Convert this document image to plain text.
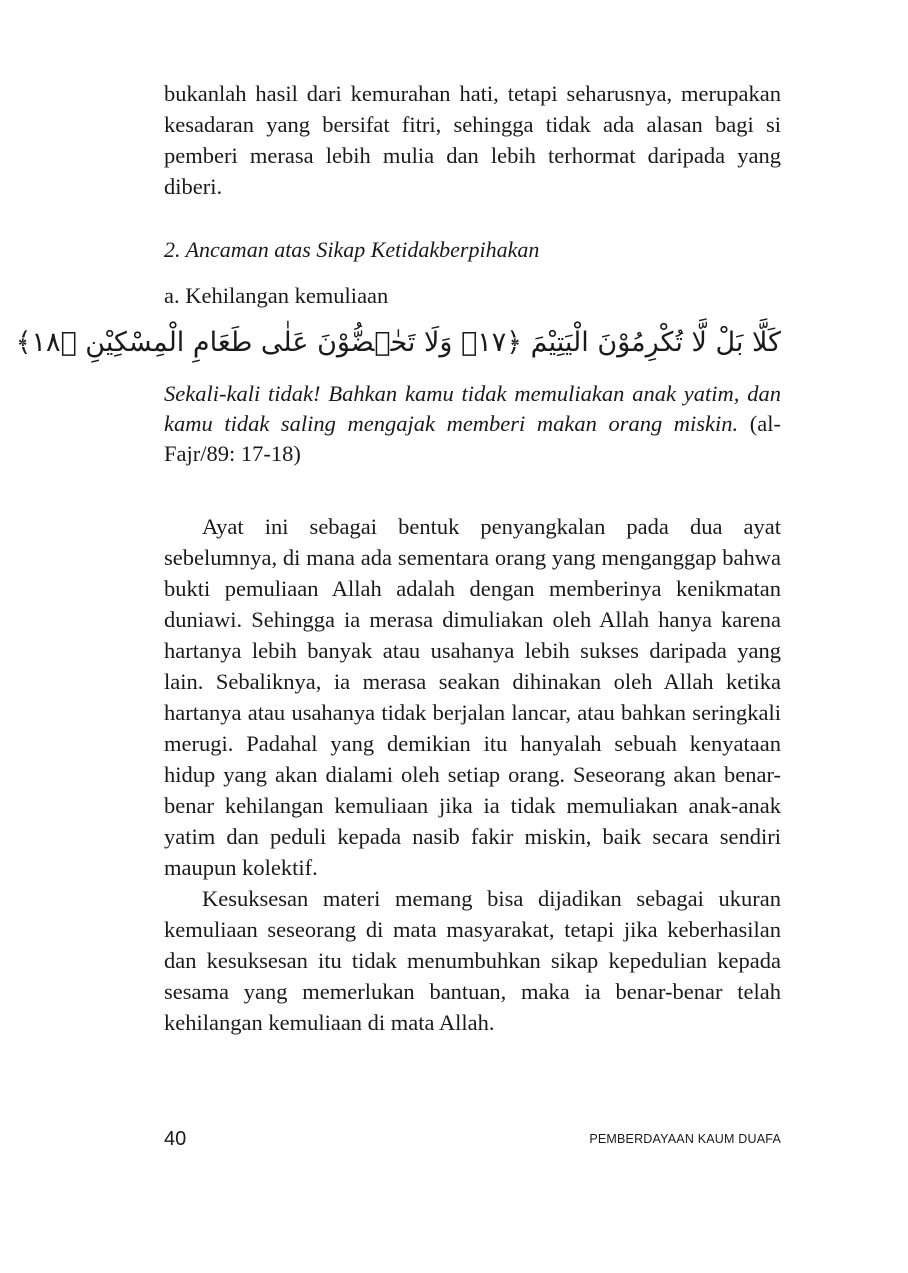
bukanlah hasil dari kemurahan hati, tetapi seharusnya, merupakan kesadaran yang bersifat fitri, sehingga tidak ada alasan bagi si pemberi merasa lebih mulia dan lebih terhormat daripada yang diberi.

2. Ancaman atas Sikap Ketidakberpihakan

a. Kehilangan kemuliaan

كَلَّا بَلْ لَّا تُكْرِمُوْنَ الْيَتِيْمَ ﴿١٧﴾ وَلَا تَحٰۤضُّوْنَ عَلٰى طَعَامِ الْمِسْكِيْنِ ﴿١٨﴾

Sekali-kali tidak! Bahkan kamu tidak memuliakan anak yatim, dan kamu tidak saling mengajak memberi makan orang miskin. (al-Fajr/89: 17-18)

Ayat ini sebagai bentuk penyangkalan pada dua ayat sebelumnya, di mana ada sementara orang yang menganggap bahwa bukti pemuliaan Allah adalah dengan memberinya kenikmatan duniawi. Sehingga ia merasa dimuliakan oleh Allah hanya karena hartanya lebih banyak atau usahanya lebih sukses daripada yang lain. Sebaliknya, ia merasa seakan dihinakan oleh Allah ketika hartanya atau usahanya tidak berjalan lancar, atau bahkan seringkali merugi. Padahal yang demikian itu hanyalah sebuah kenyataan hidup yang akan dialami oleh setiap orang. Seseorang akan benar-benar kehilangan kemuliaan jika ia tidak memuliakan anak-anak yatim dan peduli kepada nasib fakir miskin, baik secara sendiri maupun kolektif.

Kesuksesan materi memang bisa dijadikan sebagai ukuran kemuliaan seseorang di mata masyarakat, tetapi jika keberhasilan dan kesuksesan itu tidak menumbuhkan sikap kepedulian kepada sesama yang memerlukan bantuan, maka ia benar-benar telah kehilangan kemuliaan di mata Allah.

40	PEMBERDAYAAN KAUM DUAFA
